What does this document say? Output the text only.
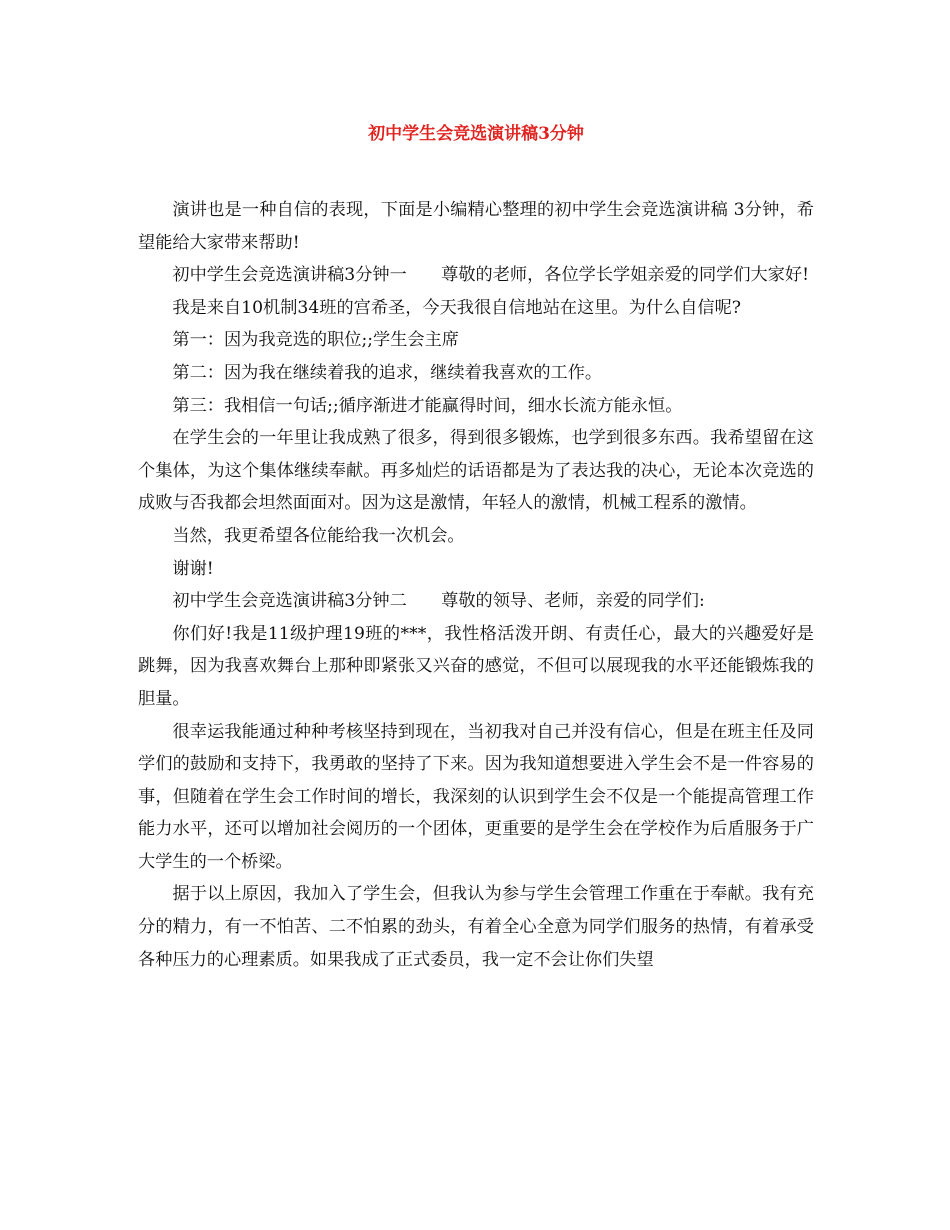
初中学生会竞选演讲稿3分钟

演讲也是一种自信的表现，下面是小编精心整理的初中学生会竞选演讲稿 3分钟，希望能给大家带来帮助!

初中学生会竞选演讲稿3分钟一　　尊敬的老师，各位学长学姐亲爱的同学们大家好!

我是来自10机制34班的宫希圣，今天我很自信地站在这里。为什么自信呢?

第一：因为我竞选的职位;;学生会主席

第二：因为我在继续着我的追求，继续着我喜欢的工作。

第三：我相信一句话;;循序渐进才能赢得时间，细水长流方能永恒。

在学生会的一年里让我成熟了很多，得到很多锻炼，也学到很多东西。我希望留在这个集体，为这个集体继续奉献。再多灿烂的话语都是为了表达我的决心，无论本次竞选的成败与否我都会坦然面面对。因为这是激情，年轻人的激情，机械工程系的激情。

当然，我更希望各位能给我一次机会。

谢谢!

初中学生会竞选演讲稿3分钟二　　尊敬的领导、老师，亲爱的同学们:

你们好!我是11级护理19班的***，我性格活泼开朗、有责任心，最大的兴趣爱好是跳舞，因为我喜欢舞台上那种即紧张又兴奋的感觉，不但可以展现我的水平还能锻炼我的胆量。

很幸运我能通过种种考核坚持到现在，当初我对自己并没有信心，但是在班主任及同学们的鼓励和支持下，我勇敢的坚持了下来。因为我知道想要进入学生会不是一件容易的事，但随着在学生会工作时间的增长，我深刻的认识到学生会不仅是一个能提高管理工作能力水平，还可以增加社会阅历的一个团体，更重要的是学生会在学校作为后盾服务于广大学生的一个桥梁。

据于以上原因，我加入了学生会，但我认为参与学生会管理工作重在于奉献。我有充分的精力，有一不怕苦、二不怕累的劲头，有着全心全意为同学们服务的热情，有着承受各种压力的心理素质。如果我成了正式委员，我一定不会让你们失望
